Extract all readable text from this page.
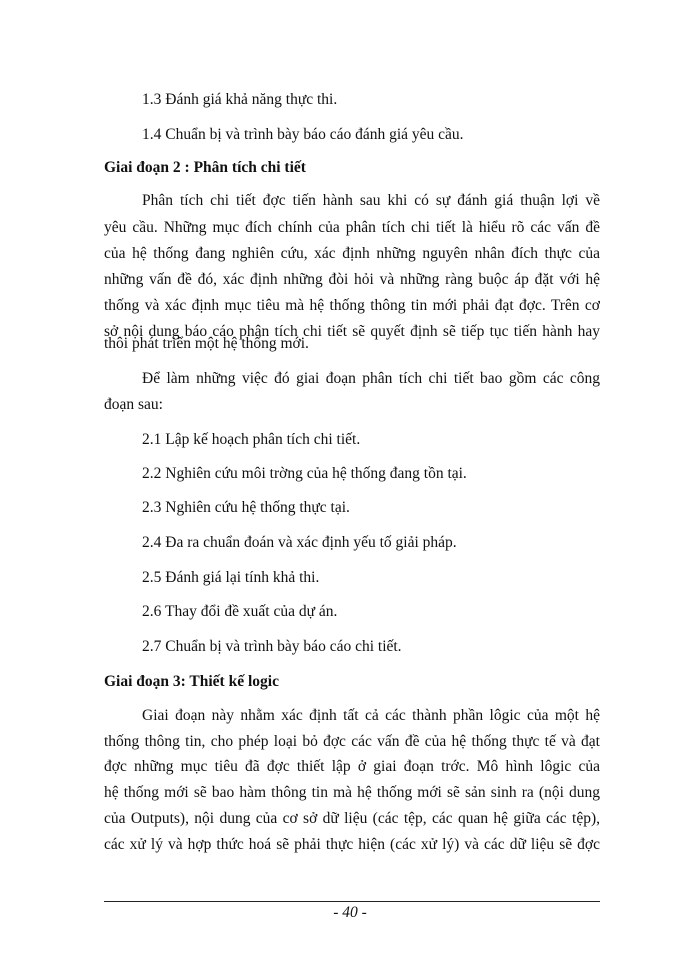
1.3 Đánh giá khả năng thực thi.
1.4 Chuẩn bị và trình bày báo cáo đánh giá yêu cầu.
Giai đoạn 2 : Phân tích chi tiết
Phân tích chi tiết đợc tiến hành sau khi có sự đánh giá thuận lợi về
yêu cầu. Những mục đích chính của phân tích chi tiết là hiểu rõ các vấn đề
của hệ thống đang nghiên cứu, xác định những nguyên nhân đích thực của
những vấn đề đó, xác định những đòi hỏi và những ràng buộc áp đặt với hệ
thống và xác định mục tiêu mà hệ thống thông tin mới phải đạt đợc. Trên cơ
sở nội dung báo cáo phân tích chi tiết sẽ quyết định sẽ tiếp tục tiến hành hay
thôi phát triển một hệ thống mới.
Để làm những việc đó giai đoạn phân tích chi tiết bao gồm các công
đoạn sau:
2.1 Lập kế hoạch phân tích chi tiết.
2.2 Nghiên cứu môi trờng của hệ thống đang tồn tại.
2.3 Nghiên cứu hệ thống thực tại.
2.4 Đa ra chuẩn đoán và xác định yếu tố giải pháp.
2.5 Đánh giá lại tính khả thi.
2.6 Thay đổi đề xuất của dự án.
2.7 Chuẩn bị và trình bày báo cáo chi tiết.
Giai đoạn 3: Thiết kế logic
Giai đoạn này nhằm xác định tất cả các thành phần lôgic của một hệ
thống thông tin, cho phép loại bỏ đợc các vấn đề của hệ thống thực tế và đạt
đợc những mục tiêu đã đợc thiết lập ở giai đoạn trớc. Mô hình lôgic của
hệ thống mới sẽ bao hàm thông tin mà hệ thống mới sẽ sản sinh ra (nội dung
của Outputs), nội dung của cơ sở dữ liệu (các tệp, các quan hệ giữa các tệp),
các xử lý và hợp thức hoá sẽ phải thực hiện (các xử lý) và các dữ liệu sẽ đợc
- 40 -
